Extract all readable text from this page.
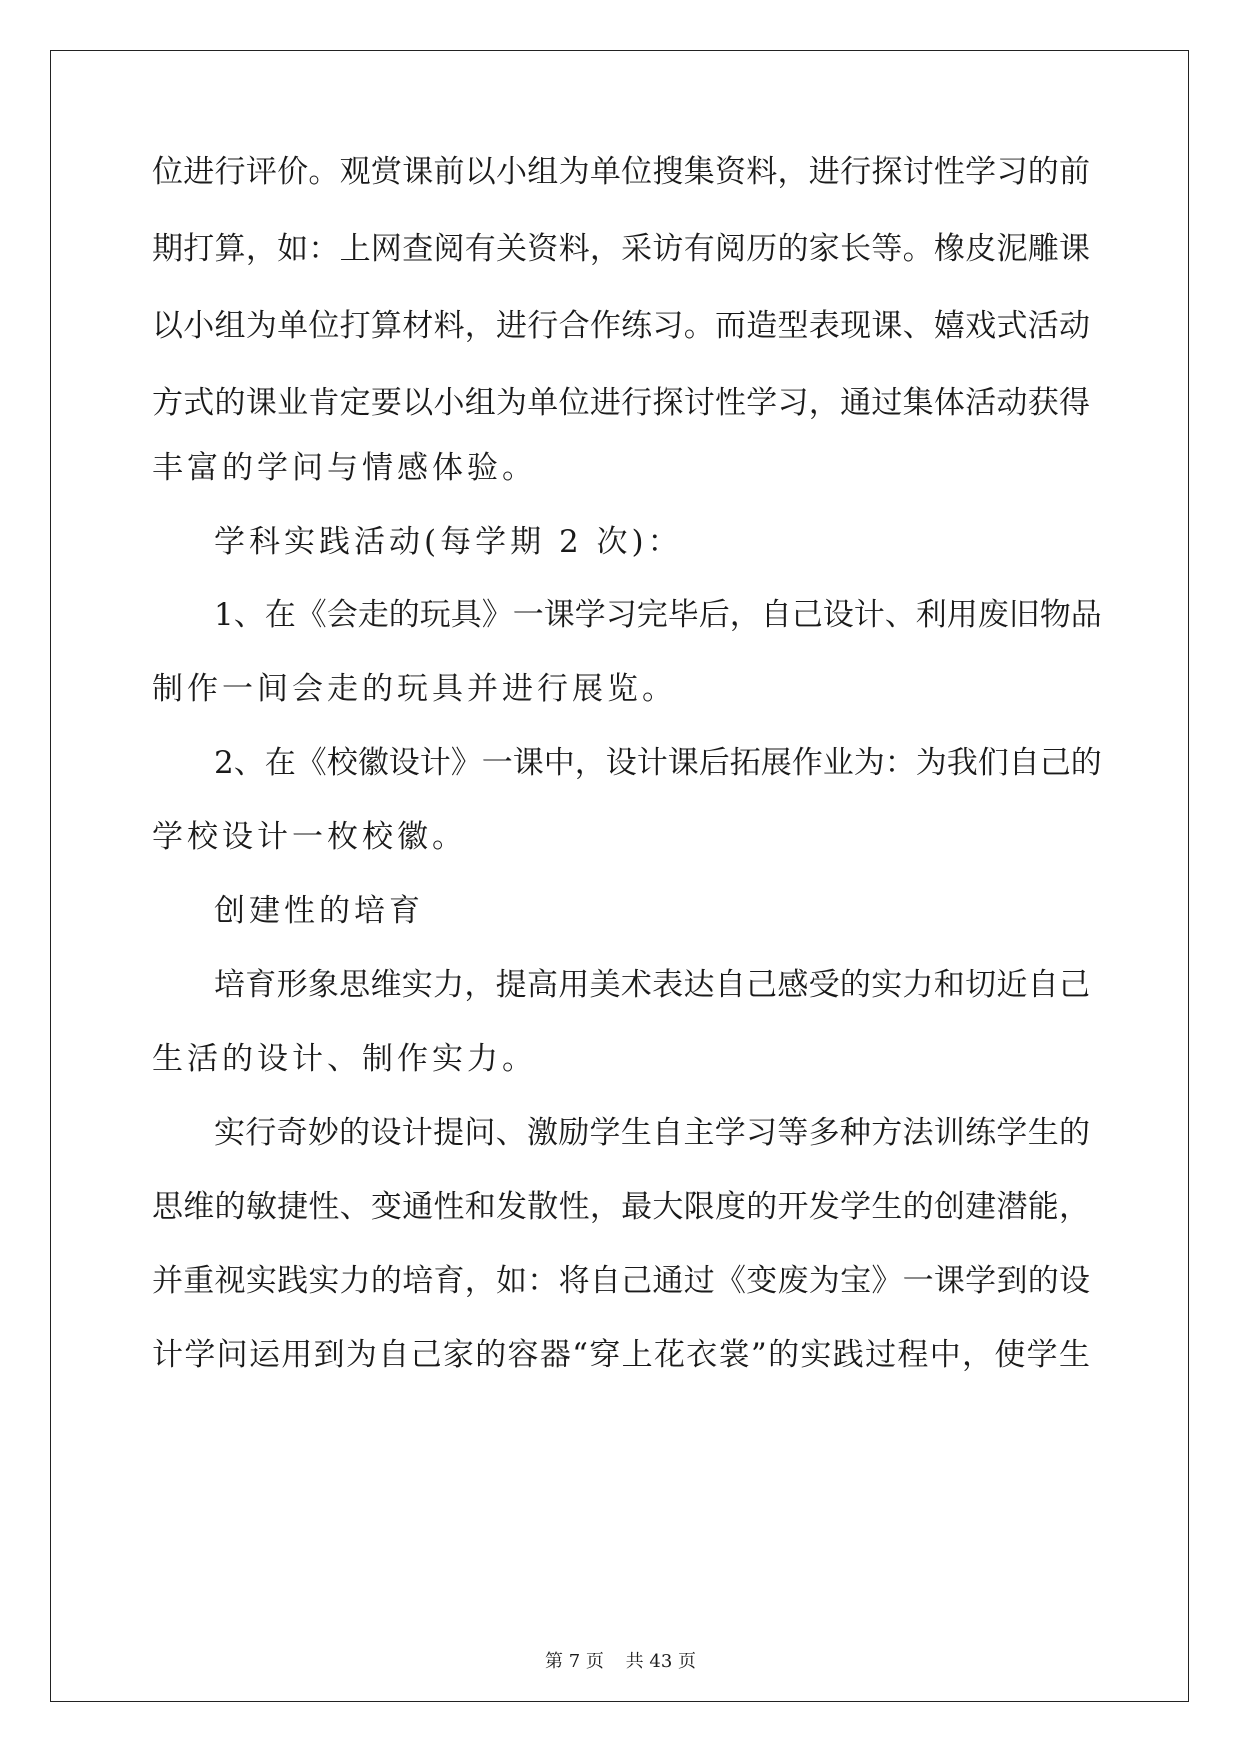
位进行评价。观赏课前以小组为单位搜集资料，进行探讨性学习的前
期打算，如：上网查阅有关资料，采访有阅历的家长等。橡皮泥雕课
以小组为单位打算材料，进行合作练习。而造型表现课、嬉戏式活动
方式的课业肯定要以小组为单位进行探讨性学习，通过集体活动获得
丰富的学问与情感体验。
学科实践活动(每学期 2 次)：
1、在《会走的玩具》一课学习完毕后，自己设计、利用废旧物品
制作一间会走的玩具并进行展览。
2、在《校徽设计》一课中，设计课后拓展作业为：为我们自己的
学校设计一枚校徽。
创建性的培育
培育形象思维实力，提高用美术表达自己感受的实力和切近自己
生活的设计、制作实力。
实行奇妙的设计提问、激励学生自主学习等多种方法训练学生的
思维的敏捷性、变通性和发散性，最大限度的开发学生的创建潜能，
并重视实践实力的培育，如：将自己通过《变废为宝》一课学到的设
计学问运用到为自己家的容器“穿上花衣裳”的实践过程中，使学生
第 7 页 共 43 页
